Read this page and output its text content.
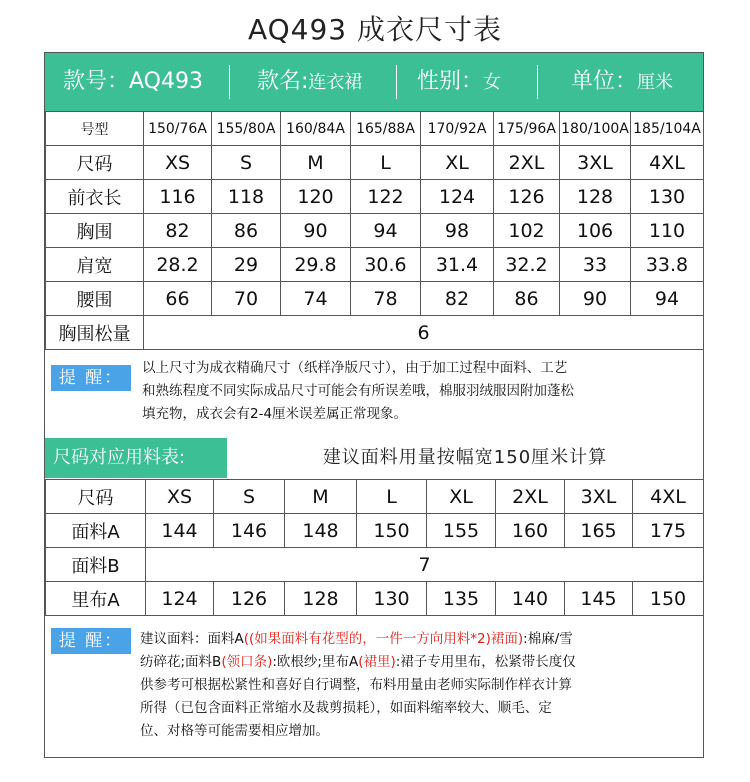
AQ493 成衣尺寸表
款号：AQ493 款名:连衣裙 性别：女	单位：厘米
号型	150/76A	155/80A	160/84A	165/88A	170/92A	175/96A	180/100A	185/104A
尺码	XS	S	M	L	XL	2XL	3XL	4XL
前衣长	116	118	120	122	124	126	128	130
胸围	82	86	90	94	98	102	106	110
肩宽	28.2	29	29.8	30.6	31.4	32.2	33	33.8
腰围	66	70	74	78	82	86	90	94
胸围松量	6							
提 醒：	以上尺寸为成衣精确尺寸（纸样净版尺寸），由于加工过程中面料、工艺
和熟练程度不同实际成品尺寸可能会有所误差哦，棉服羽绒服因附加蓬松
填充物，成衣会有2-4厘米误差属正常现象。
尺码对应用料表:	建议面料用量按幅宽150厘米计算
尺码	XS	S	M	L	XL	2XL	3XL	4XL
面料A	144	146	148	150	155	160	165	175
面料B	7							
里布A	124	126	128	130	135	140	145	150
提 醒：	建议面料：面料A((如果面料有花型的，一件一方向用料*2)裙面):棉麻/雪
纺碎花;面料B(领口条):欧根纱;里布A(裙里):裙子专用里布，松紧带长度仅
供参考可根据松紧性和喜好自行调整，布料用量由老师实际制作样衣计算
所得（已包含面料正常缩水及裁剪损耗），如面料缩率较大、顺毛、定
位、对格等可能需要相应增加。
